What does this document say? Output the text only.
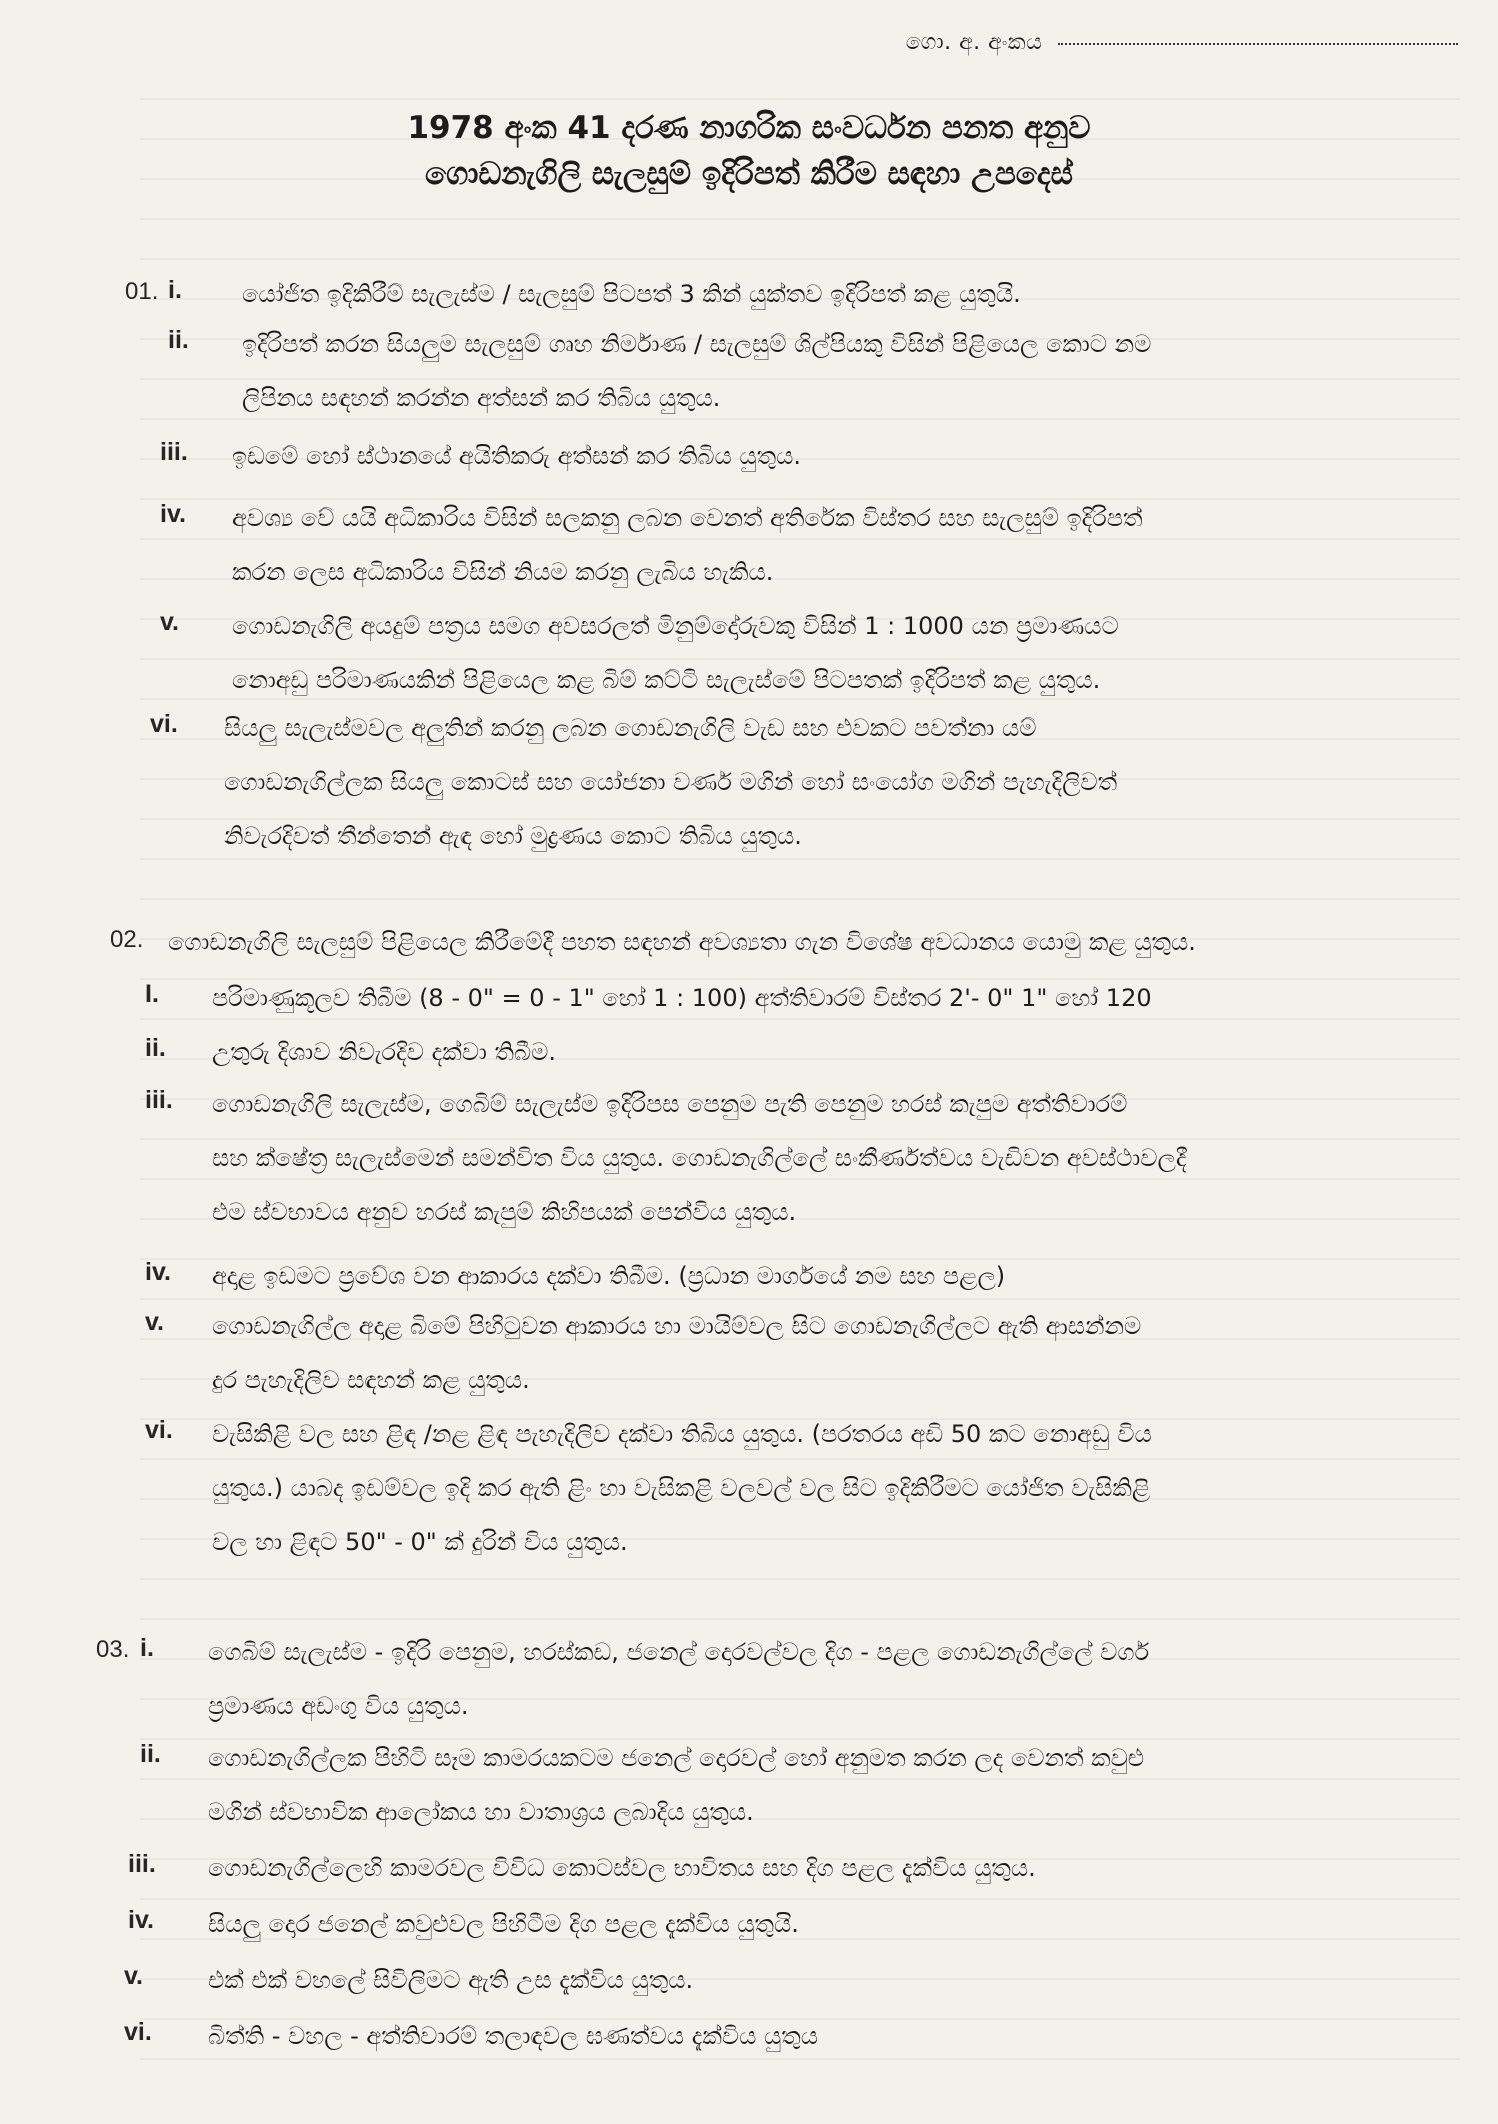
ගො. අ. අංකය
1978 අංක 41 දරණ නාගරික සංවර්ධන පනත අනුව
ගොඩනැගිලි සැලසුම් ඉදිරිපත් කිරීම සඳහා උපදෙස්
01. i.	යෝජිත ඉදිකිරීම් සැලැස්ම / සැලසුම් පිටපත් 3 කින් යුක්තව ඉදිරිපත් කළ යුතුයි.
ii. ඉදිරිපත් කරන සියලුම සැලසුම් ගෘහ නිර්මාණ / සැලසුම් ශිල්පියකු විසින් පිළියෙල කොට නම
ලිපිනය සඳහන් කරන්න අත්සන් කර තිබිය යුතුය.
iii. ඉඩමේ හෝ ස්ථානයේ අයිතිකරු අත්සන් කර තිබිය යුතුය.
iv. අවශ්‍ය වේ යයි අධිකාරිය විසින් සලකනු ලබන වෙනත් අතිරේක විස්තර සහ සැලසුම් ඉදිරිපත්
කරන ලෙස අධිකාරිය විසින් නියම කරනු ලැබිය හැකිය.
v. ගොඩනැගිලි අයදුම් පත්‍රය සමග අවසරලත් මිනුම්දෝරුවකු විසින් 1 : 1000 යන ප්‍රමාණයට
නොඅඩු පරිමාණයකින් පිළියෙල කළ බිම් කට්ටි සැලැස්මේ පිටපතක් ඉදිරිපත් කළ යුතුය.
vi. සියලු සැලැස්මවල අලුතින් කරනු ලබන ගොඩනැගිලි වැඩ සහ එවකට පවත්නා යම්
ගොඩනැගිල්ලක සියලු කොටස් සහ යෝජනා වර්ණ මගින් හෝ සංයෝග මගින් පැහැදිලිවත්
නිවැරදිවත් තීන්තෙන් ඇඳ හෝ මුද්‍රණය කොට තිබිය යුතුය.
02. ගොඩනැගිලි සැලසුම් පිළියෙල කිරීමේදී පහත සඳහන් අවශ්‍යතා ගැන විශේෂ අවධානය යොමු කළ යුතුය.
I. පරිමාණුකූලව තිබීම (8 - 0" = 0 - 1" හෝ 1 : 100) අත්තිවාරම් විස්තර 2'- 0" 1" හෝ 120
ii. උතුරු දිශාව නිවැරදිව දක්වා තිබීම.
iii. ගොඩනැගිලි සැලැස්ම, ගෙබිම් සැලැස්ම ඉදිරිපස පෙනුම පැති පෙනුම හරස් කැපුම අත්තිවාරම්
සහ ක්ෂේත්‍ර සැලැස්මෙන් සමන්විත විය යුතුය. ගොඩනැගිල්ලේ සංකීර්ණත්වය වැඩිවන අවස්ථාවලදී
එම ස්වභාවය අනුව හරස් කැපුම් කිහිපයක් පෙන්විය යුතුය.
iv. අදාළ ඉඩමට ප්‍රවේශ වන ආකාරය දක්වා තිබීම. (ප්‍රධාන මාර්ගයේ නම සහ පළල)
v. ගොඩනැගිල්ල අදාළ බිමේ පිහිටුවන ආකාරය හා මායිම්වල සිට ගොඩනැගිල්ලට ඇති ආසන්නම
දුර පැහැදිලිව සඳහන් කළ යුතුය.
vi. වැසිකිළි වල සහ ළිඳ /නළ ළිඳ පැහැදිලිව දක්වා තිබිය යුතුය. (පරතරය අඩි 50 කට නොඅඩු විය
යුතුය.) යාබද ඉඩම්වල ඉදි කර ඇති ළිං හා වැසිකළි වලවල් වල සිට ඉදිකිරීමට යෝජිත වැසිකිළි
වල හා ළිඳට 50" - 0" ක් දුරින් විය යුතුය.
03. i. ගෙබිම් සැලැස්ම - ඉදිරි පෙනුම, හරස්කඩ, ජනෙල් දොරවල්වල දිග - පළල ගොඩනැගිල්ලේ වර්ග
ප්‍රමාණය අඩංගු විය යුතුය.
ii. ගොඩනැගිල්ලක පිහිටි සෑම කාමරයකටම ජනෙල් දොරවල් හෝ අනුමත කරන ලද වෙනත් කවුළු
මගින් ස්වභාවික ආලෝකය හා වාතාශ්‍රය ලබාදිය යුතුය.
iii. ගොඩනැගිල්ලෙහි කාමරවල විවිධ කොටස්වල භාවිතය සහ දිග පළල දැක්විය යුතුය.
iv. සියලු දොර ජනෙල් කවුළුවල පිහිටීම දිග පළල දැක්විය යුතුයි.
v.	එක් එක් වහලේ සිවිලිමට ඇති උස දැක්විය යුතුය.
vi. බිත්ති - වහල - අත්තිවාරම් තලාඳවල ඝණත්වය දැක්විය යුතුය
